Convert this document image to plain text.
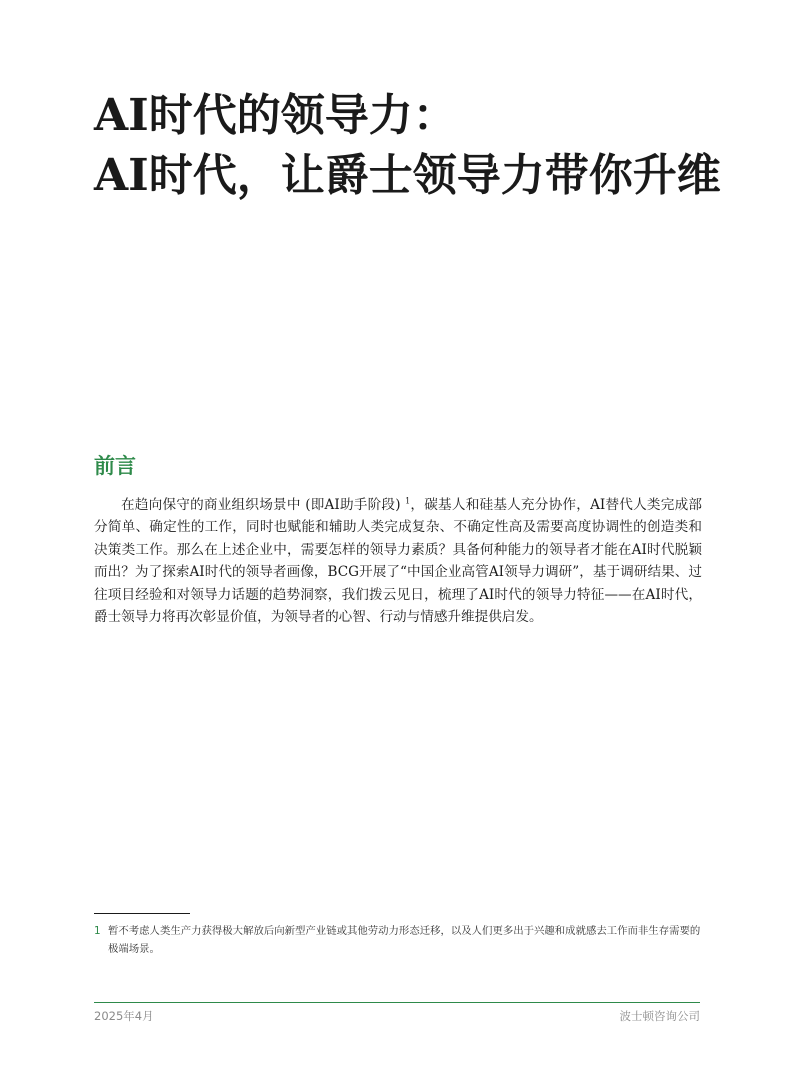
AI时代的领导力：
AI时代，让爵士领导力带你升维
前言

在趋向保守的商业组织场景中 (即AI助手阶段) $^1$，碳基人和硅基人充分协作，AI替代人类完成部分简单、确定性的工作，同时也赋能和辅助人类完成复杂、不确定性高及需要高度协调性的创造类和决策类工作。那么在上述企业中，需要怎样的领导力素质？具备何种能力的领导者才能在AI时代脱颖而出？为了探索AI时代的领导者画像，BCG开展了“中国企业高管AI领导力调研”，基于调研结果、过往项目经验和对领导力话题的趋势洞察，我们拨云见日，梳理了AI时代的领导力特征——在AI时代，爵士领导力将再次彰显价值，为领导者的心智、行动与情感升维提供启发。

1 暂不考虑人类生产力获得极大解放后向新型产业链或其他劳动力形态迁移，以及人们更多出于兴趣和成就感去工作而非生存需要的极端场景。
2025年4月	波士顿咨询公司
